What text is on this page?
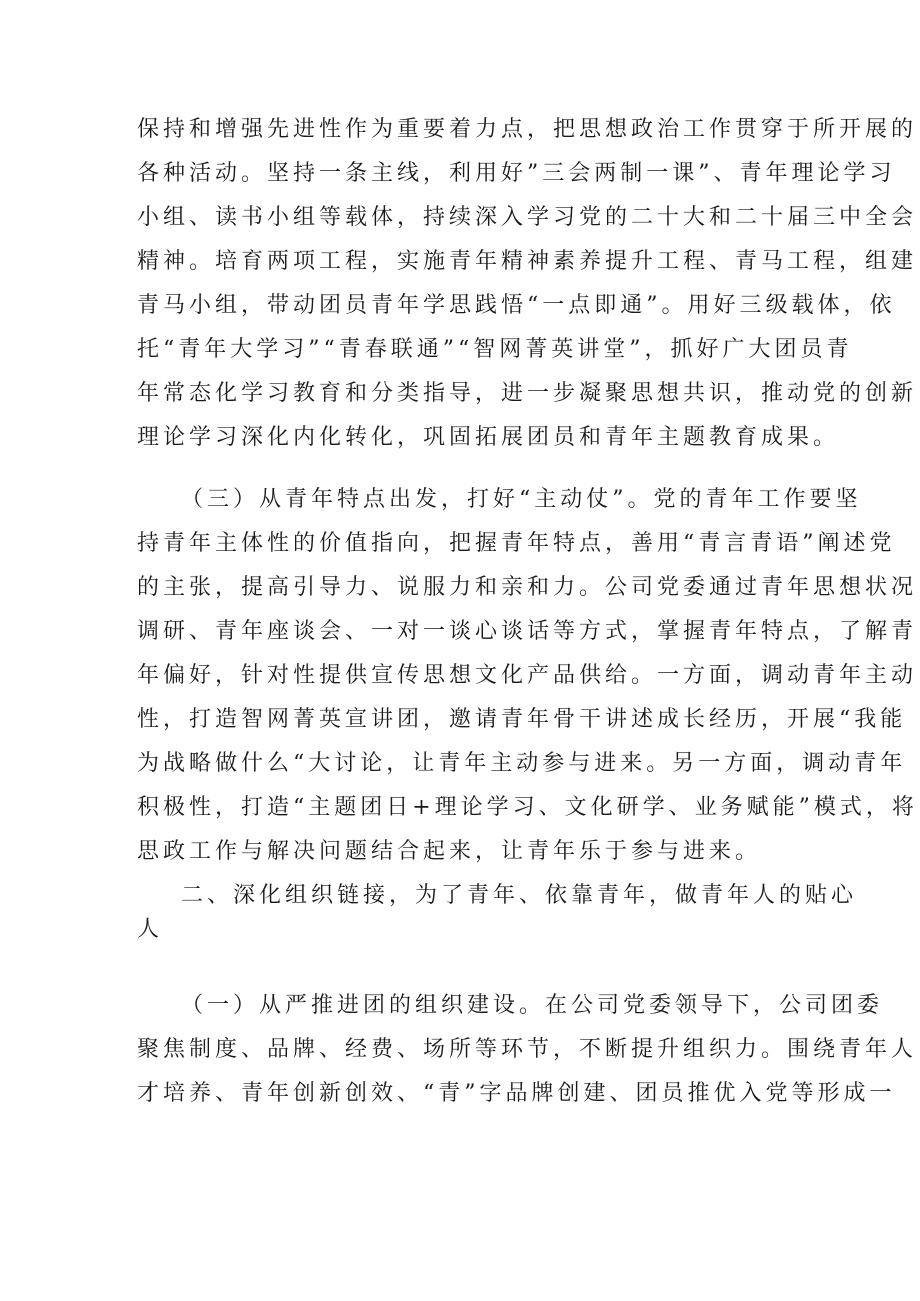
保持和增强先进性作为重要着力点，把思想政治工作贯穿于所开展的
各种活动。坚持一条主线，利用好”三会两制一课”、青年理论学习
小组、读书小组等载体，持续深入学习党的二十大和二十届三中全会
精神。培育两项工程，实施青年精神素养提升工程、青马工程，组建
青马小组，带动团员青年学思践悟“一点即通”。用好三级载体，依
托“青年大学习”“青春联通”“智网菁英讲堂”，抓好广大团员青
年常态化学习教育和分类指导，进一步凝聚思想共识，推动党的创新
理论学习深化内化转化，巩固拓展团员和青年主题教育成果。
（三）从青年特点出发，打好“主动仗”。党的青年工作要坚
持青年主体性的价值指向，把握青年特点，善用“青言青语”阐述党
的主张，提高引导力、说服力和亲和力。公司党委通过青年思想状况
调研、青年座谈会、一对一谈心谈话等方式，掌握青年特点，了解青
年偏好，针对性提供宣传思想文化产品供给。一方面，调动青年主动
性，打造智网菁英宣讲团，邀请青年骨干讲述成长经历，开展“我能
为战略做什么“大讨论，让青年主动参与进来。另一方面，调动青年
积极性，打造“主题团日+理论学习、文化研学、业务赋能”模式，将
思政工作与解决问题结合起来，让青年乐于参与进来。
二、深化组织链接，为了青年、依靠青年，做青年人的贴心
人
（一）从严推进团的组织建设。在公司党委领导下，公司团委
聚焦制度、品牌、经费、场所等环节，不断提升组织力。围绕青年人
才培养、青年创新创效、“青”字品牌创建、团员推优入党等形成一
